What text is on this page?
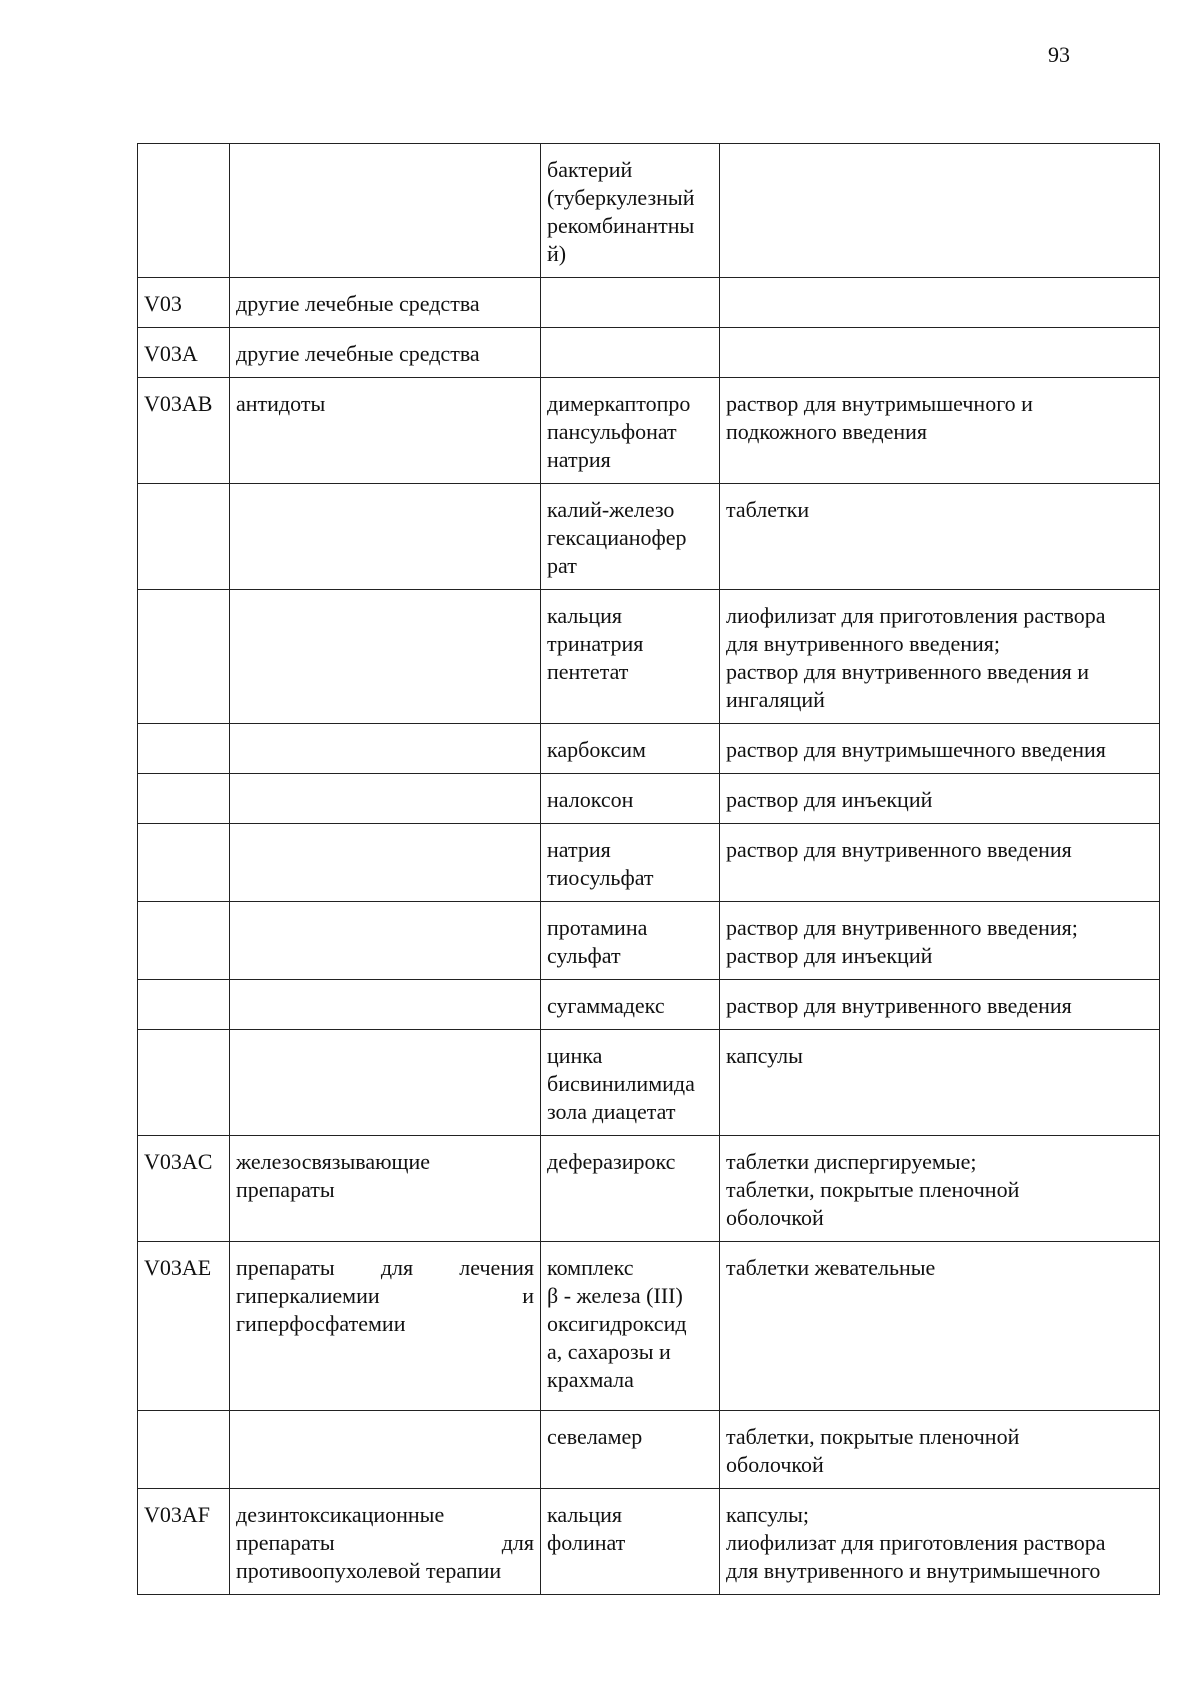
93
		бактерий
(туберкулезный
рекомбинантны
й)	
V03	другие лечебные средства		
V03A	другие лечебные средства		
V03AB	антидоты	димеркаптопро
пансульфонат
натрия	раствор для внутримышечного и
подкожного введения
		калий-железо
гексацианофер
рат	таблетки
		кальция
тринатрия
пентетат	лиофилизат для приготовления раствора
для внутривенного введения;
раствор для внутривенного введения и
ингаляций
		карбоксим	раствор для внутримышечного введения
		налоксон	раствор для инъекций
		натрия
тиосульфат	раствор для внутривенного введения
		протамина
сульфат	раствор для внутривенного введения;
раствор для инъекций
		сугаммадекс	раствор для внутривенного введения
		цинка
бисвинилимида
зола диацетат	капсулы
V03AC	железосвязывающие
препараты	деферазирокс	таблетки диспергируемые;
таблетки, покрытые пленочной
оболочкой
V03AE	препараты для лечения гиперкалиемии и гиперфосфатемии	комплекс
β - железа (III)
оксигидроксид
а, сахарозы и
крахмала	таблетки жевательные
		севеламер	таблетки, покрытые пленочной
оболочкой
V03AF	дезинтоксикационные препараты для противоопухолевой терапии	кальция
фолинат	капсулы;
лиофилизат для приготовления раствора
для внутривенного и внутримышечного
